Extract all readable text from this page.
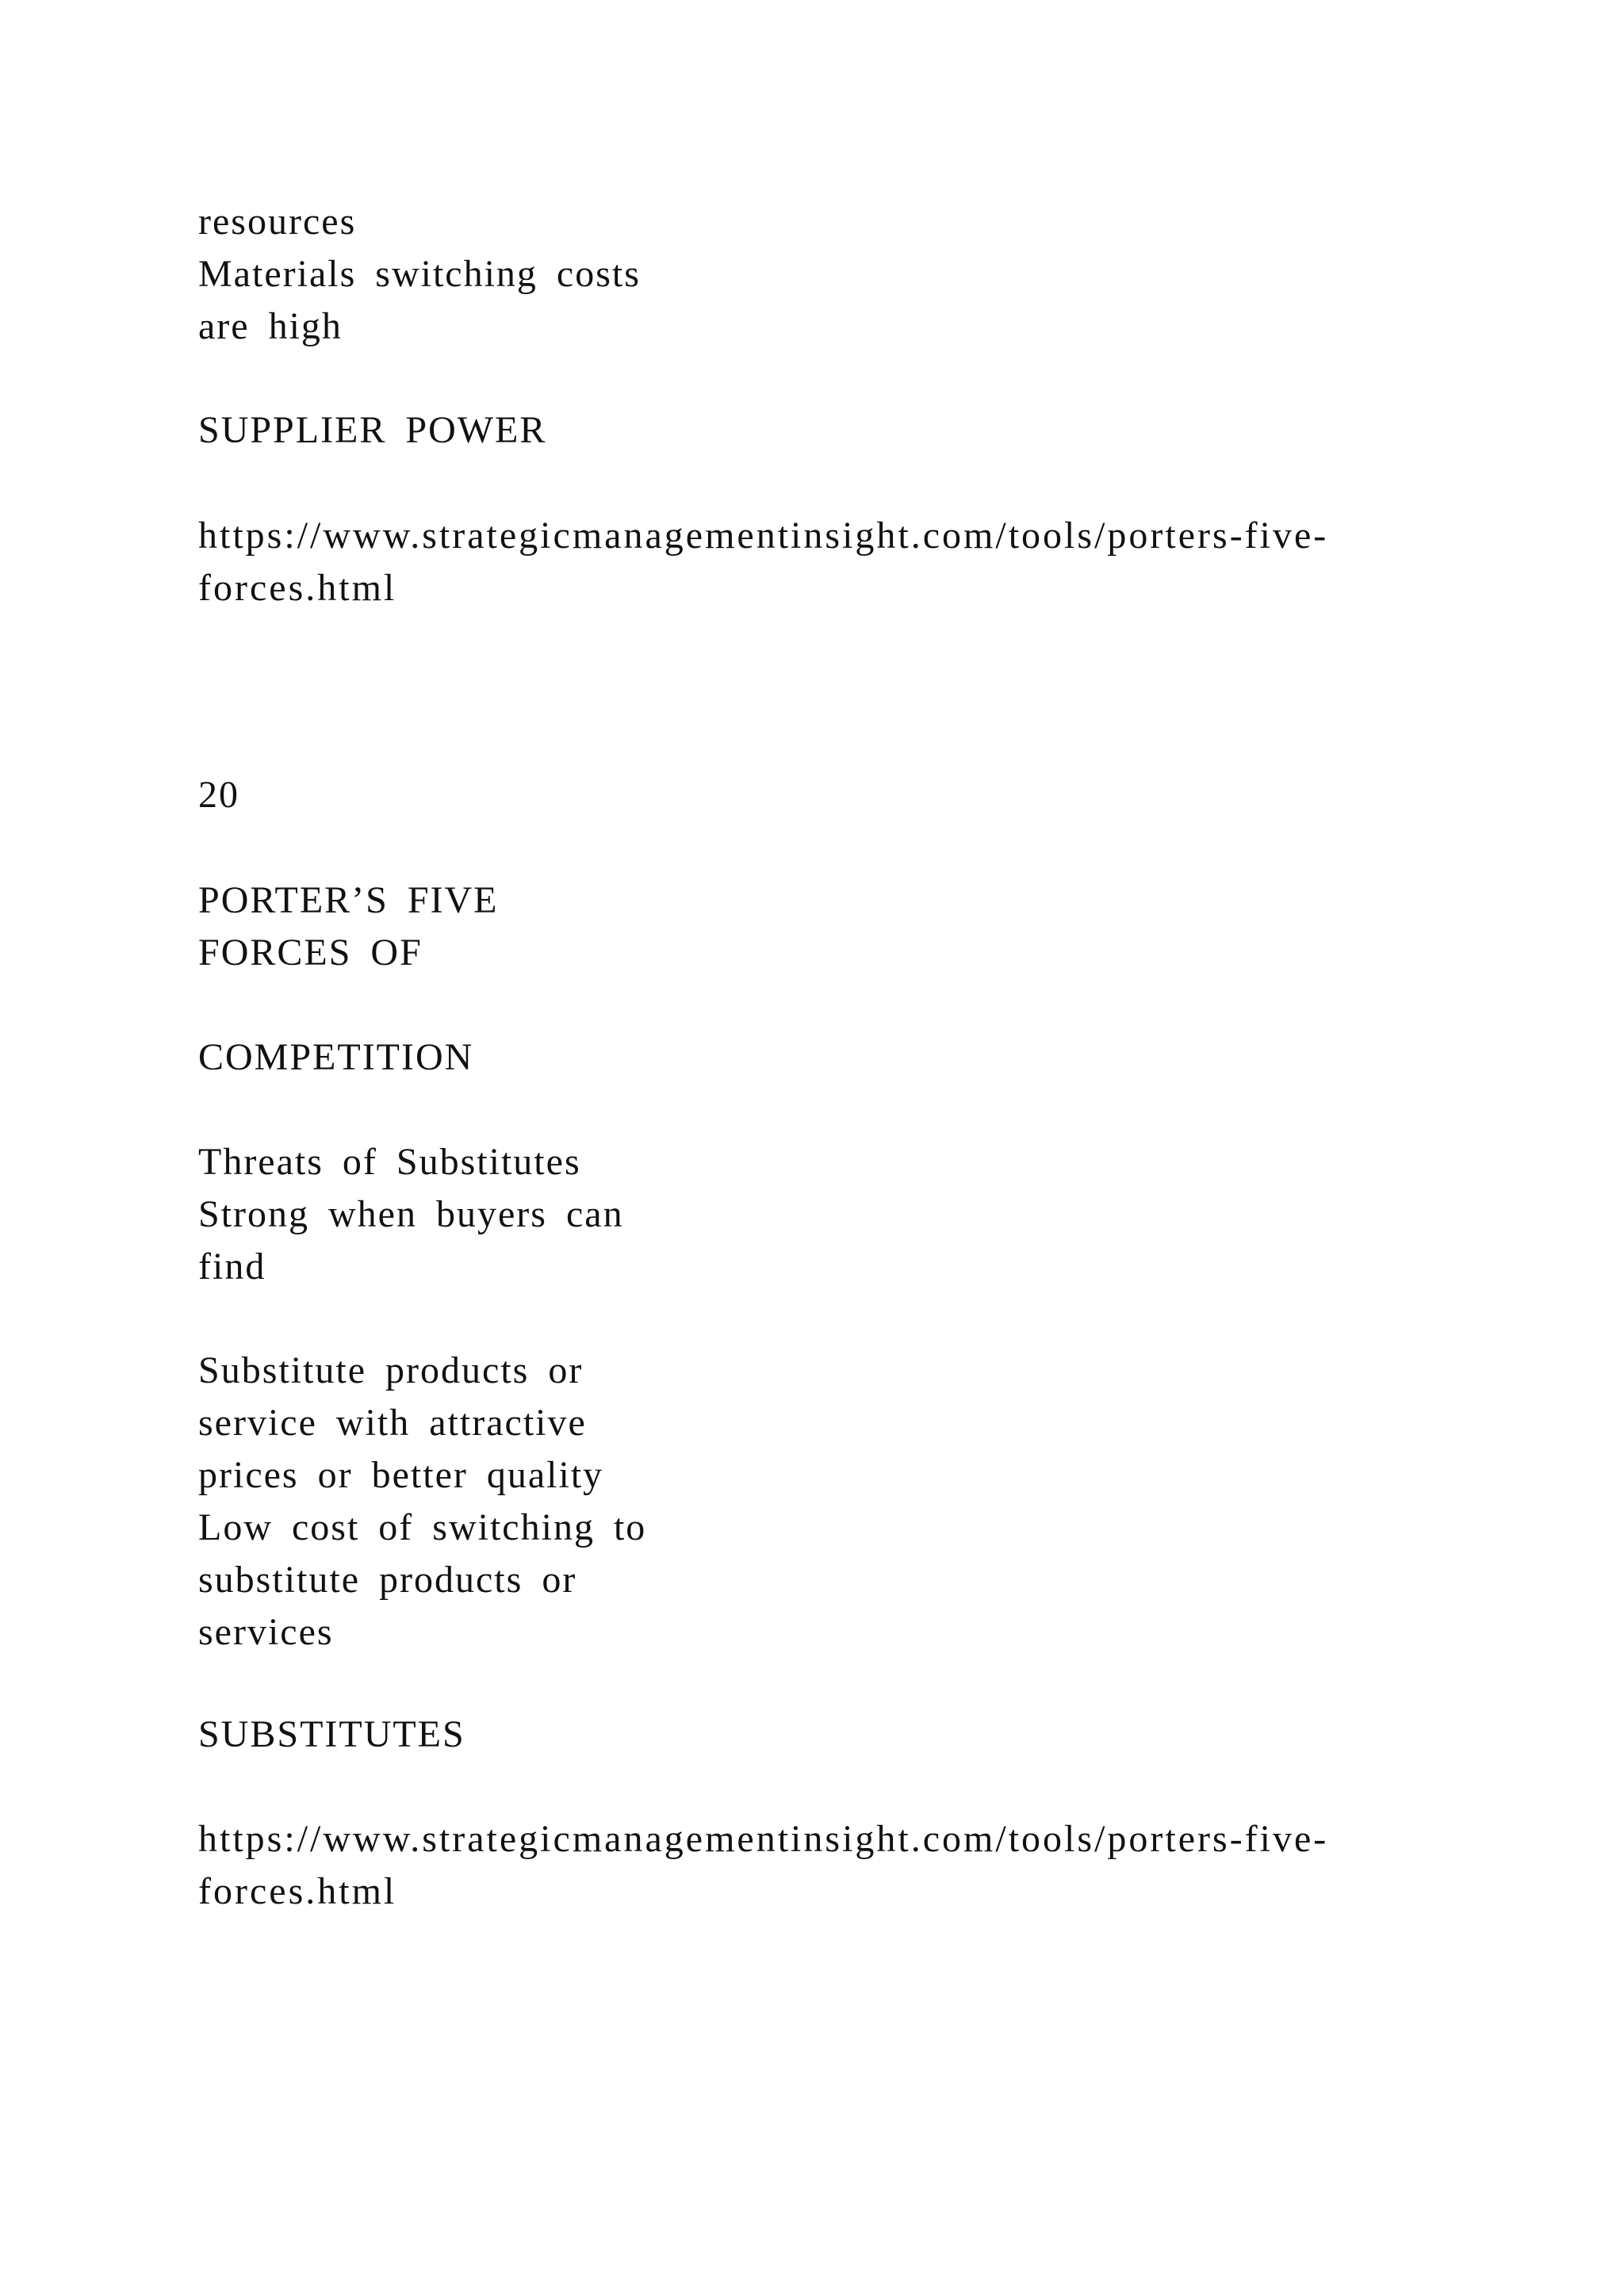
resources
Materials switching costs
are high

SUPPLIER POWER

https://www.strategicmanagementinsight.com/tools/porters-five-
forces.html

20

PORTER’S FIVE
FORCES OF

COMPETITION

Threats of Substitutes
Strong when buyers can
find

Substitute products or
service with attractive
prices or better quality
Low cost of switching to
substitute products or
services

SUBSTITUTES

https://www.strategicmanagementinsight.com/tools/porters-five-
forces.html
